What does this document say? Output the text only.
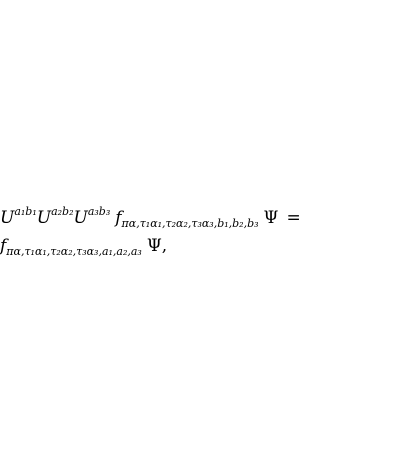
$U^{a_1b_1}U^{a_2b_2}U^{a_3b_3}$ $f_{\pi\alpha,\tau_1\alpha_1,\tau_2\alpha_2,\tau_3\alpha_3,b_1,b_2,b_3}$ Ψ =
$f_{\pi\alpha,\tau_1\alpha_1,\tau_2\alpha_2,\tau_3\alpha_3,a_1,a_2,a_3}$ Ψ,
